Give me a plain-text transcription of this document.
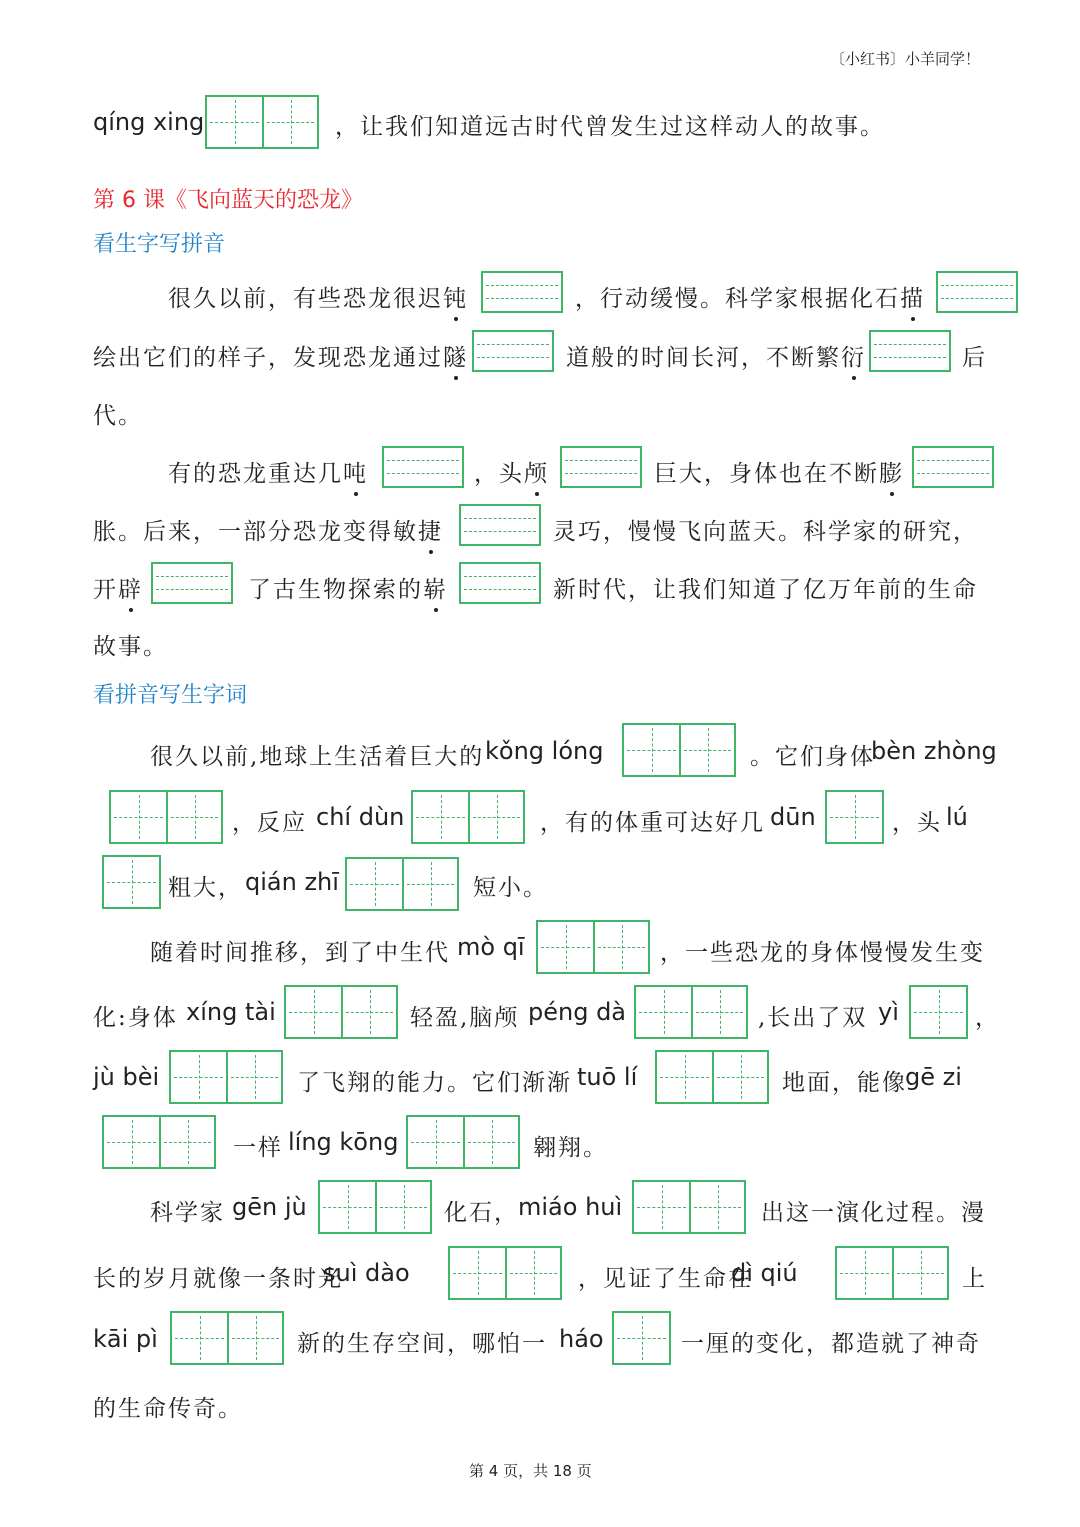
〔小红书〕小羊同学！
qíng xing	，让我们知道远古时代曾发生过这样动人的故事。
第 6 课《飞向蓝天的恐龙》
看生字写拼音
很久以前，有些恐龙很迟钝	，行动缓慢。科学家根据化石描
绘出它们的样子，发现恐龙通过隧	道般的时间长河，不断繁衍	后
代。
有的恐龙重达几吨	，头颅	巨大，身体也在不断膨
胀。后来，一部分恐龙变得敏捷	灵巧，慢慢飞向蓝天。科学家的研究，
开辟	了古生物探索的崭	新时代，让我们知道了亿万年前的生命
故事。
看拼音写生字词
很久以前,地球上生活着巨大的 kǒng lóng	。它们身体
bèn zhòng
，反应 chí dùn	，有的体重可达好几 dūn	，头 lú
粗大， qián zhī	短小。
随着时间推移，到了中生代 mò qī	，一些恐龙的身体慢慢发生变
化:身体 xíng tài	轻盈,脑颅 péng dà	,长出了双 yì	，
jù bèi	了飞翔的能力。它们渐渐 tuō lí	地面，能像
gē zi
一样 líng kōng	翱翔。
科学家 gēn jù	化石， miáo huì	出这一演化过程。漫
长的岁月就像一条时光
suì dào	，见证了生命在
dì qiú	上
kāi pì	新的生存空间，哪怕一 háo	一厘的变化，都造就了神奇
的生命传奇。
第 4 页，共 18 页
